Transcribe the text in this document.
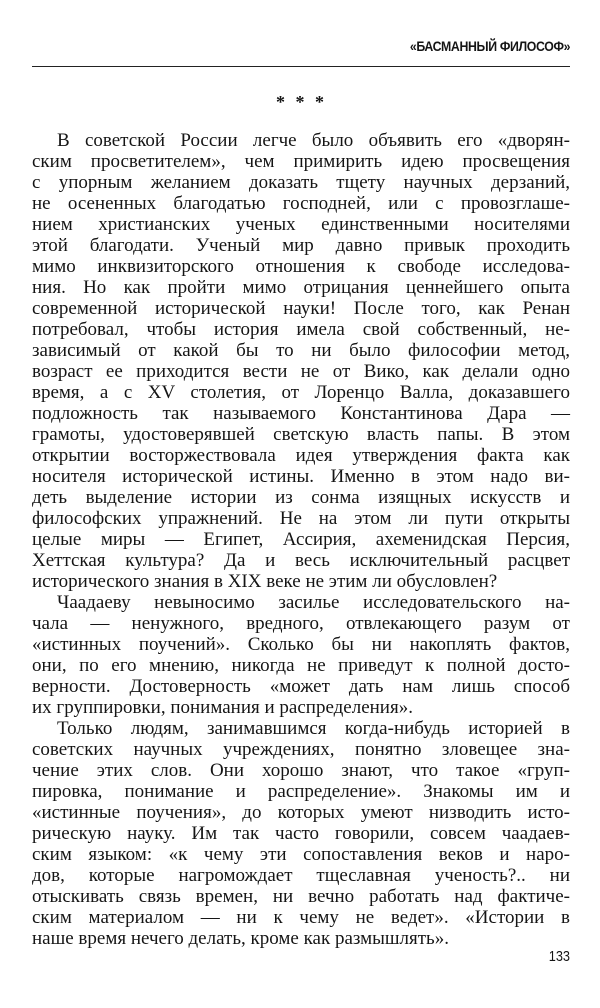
«БАСМАННЫЙ ФИЛОСОФ»
* * *
В советской России легче было объявить его «дворян-
ским просветителем», чем примирить идею просвещения
с упорным желанием доказать тщету научных дерзаний,
не осененных благодатью господней, или с провозглаше-
нием христианских ученых единственными носителями
этой благодати. Ученый мир давно привык проходить
мимо инквизиторского отношения к свободе исследова-
ния. Но как пройти мимо отрицания ценнейшего опыта
современной исторической науки! После того, как Ренан
потребовал, чтобы история имела свой собственный, не-
зависимый от какой бы то ни было философии метод,
возраст ее приходится вести не от Вико, как делали одно
время, а с XV столетия, от Лоренцо Валла, доказавшего
подложность так называемого Константинова Дара —
грамоты, удостоверявшей светскую власть папы. В этом
открытии восторжествовала идея утверждения факта как
носителя исторической истины. Именно в этом надо ви-
деть выделение истории из сонма изящных искусств и
философских упражнений. Не на этом ли пути открыты
целые миры — Египет, Ассирия, ахеменидская Персия,
Хеттская культура? Да и весь исключительный расцвет
исторического знания в XIX веке не этим ли обусловлен?
Чаадаеву невыносимо засилье исследовательского на-
чала — ненужного, вредного, отвлекающего разум от
«истинных поучений». Сколько бы ни накоплять фактов,
они, по его мнению, никогда не приведут к полной досто-
верности. Достоверность «может дать нам лишь способ
их группировки, понимания и распределения».
Только людям, занимавшимся когда-нибудь историей в
советских научных учреждениях, понятно зловещее зна-
чение этих слов. Они хорошо знают, что такое «груп-
пировка, понимание и распределение». Знакомы им и
«истинные поучения», до которых умеют низводить исто-
рическую науку. Им так часто говорили, совсем чаадаев-
ским языком: «к чему эти сопоставления веков и наро-
дов, которые нагромождает тщеславная ученость?.. ни
отыскивать связь времен, ни вечно работать над фактиче-
ским материалом — ни к чему не ведет». «Истории в
наше время нечего делать, кроме как размышлять».
133
